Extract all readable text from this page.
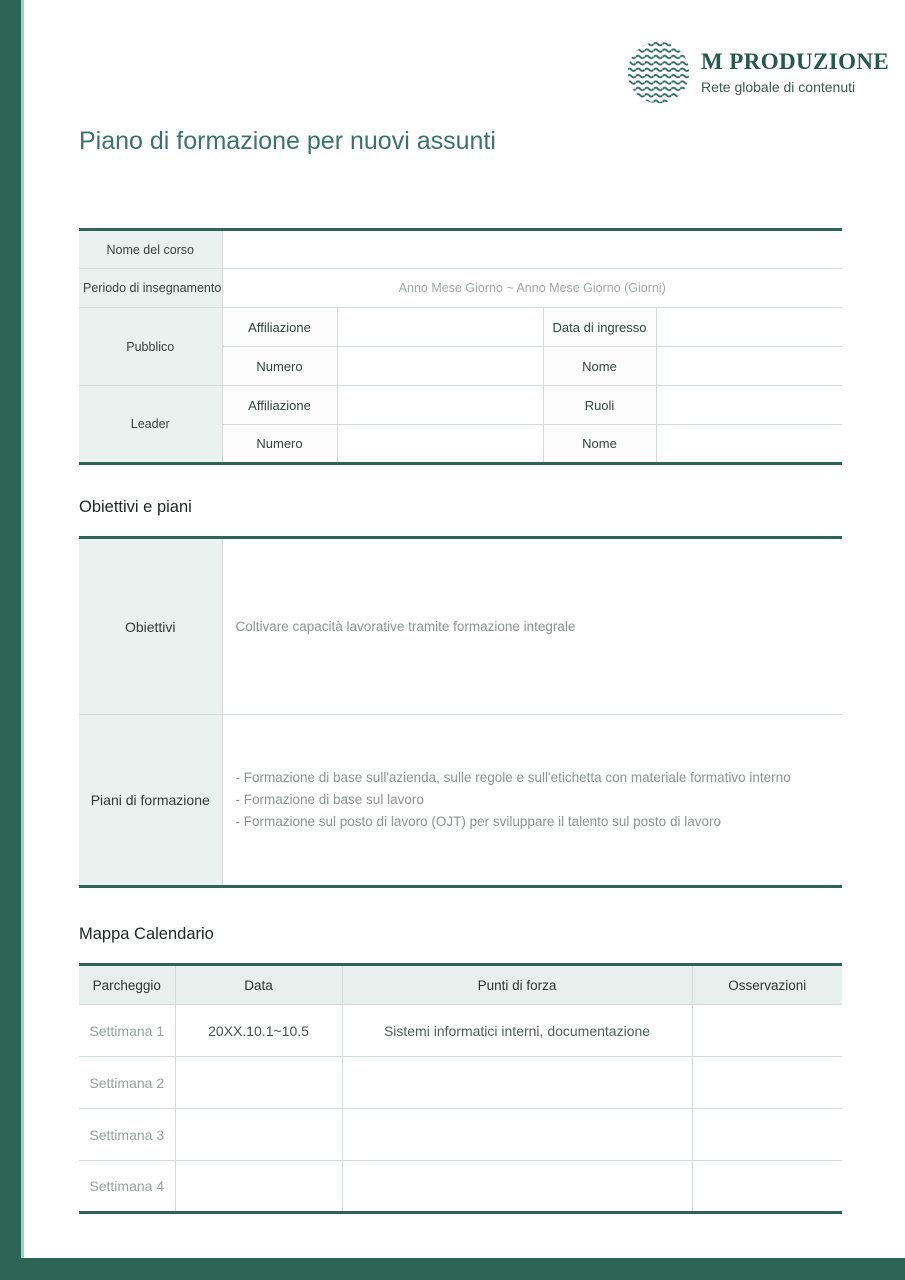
M PRODUZIONE
Rete globale di contenuti
Piano di formazione per nuovi assunti
Nome del corso				
Periodo di insegnamento	Anno Mese Giorno ~ Anno Mese Giorno (Giorni)			
Pubblico	Affiliazione		Data di ingresso	
	Numero		Nome	
Leader	Affiliazione		Ruoli	
	Numero		Nome	
Obiettivi e piani
Obiettivi	Coltivare capacità lavorative tramite formazione integrale

Piani di formazione	- Formazione di base sull'azienda, sulle regole e sull'etichetta con materiale formativo interno
- Formazione di base sul lavoro
- Formazione sul posto di lavoro (OJT) per sviluppare il talento sul posto di lavoro
Mappa Calendario
Parcheggio	Data	Punti di forza	Osservazioni
Settimana 1	20XX.10.1~10.5	Sistemi informatici interni, documentazione	
Settimana 2			
Settimana 3			
Settimana 4			
